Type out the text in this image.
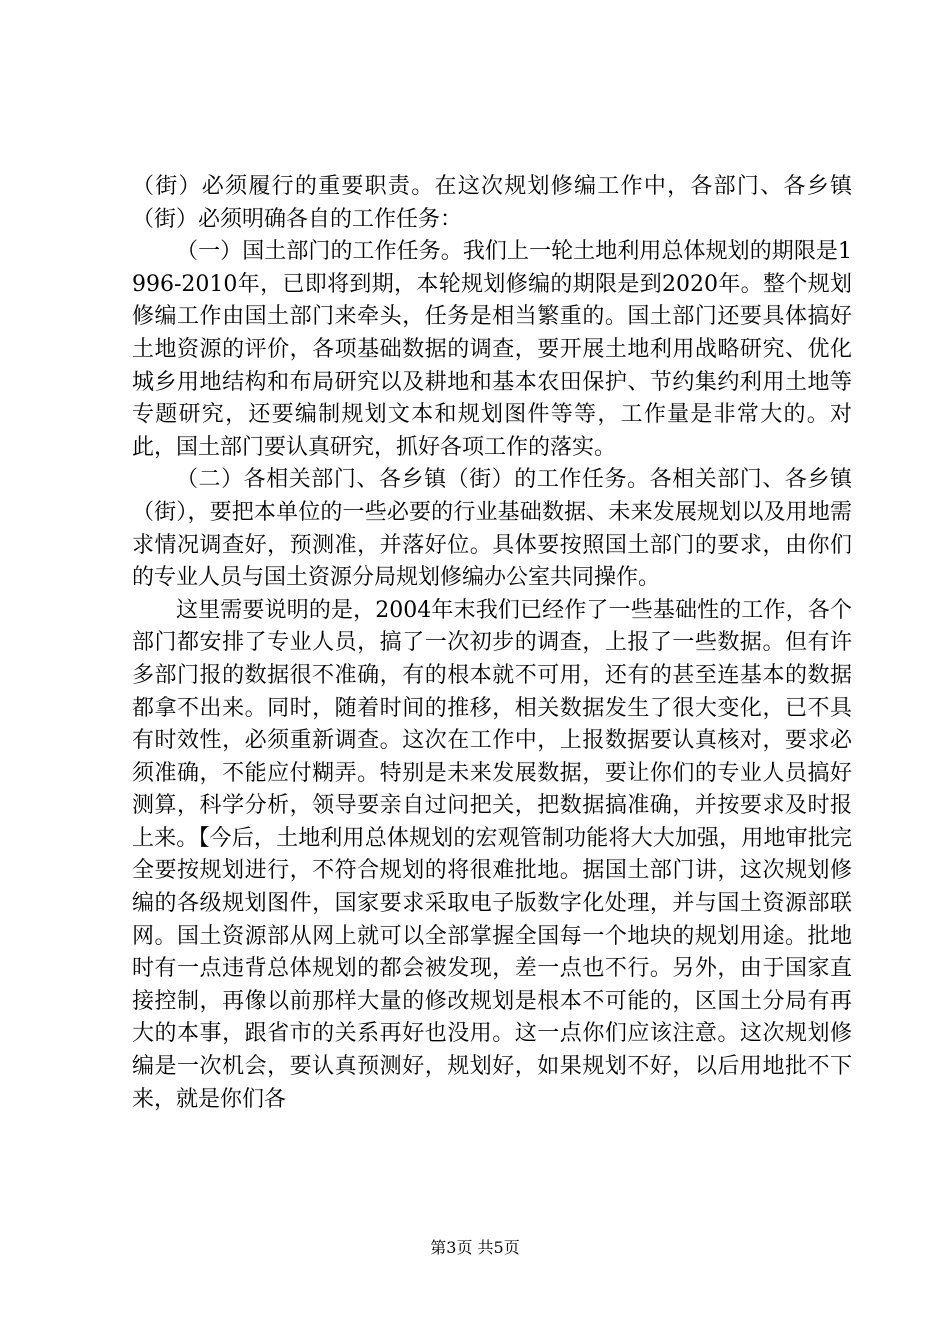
（街）必须履行的重要职责。在这次规划修编工作中，各部门、各乡镇（街）必须明确各自的工作任务：

（一）国土部门的工作任务。我们上一轮土地利用总体规划的期限是1996-2010年，已即将到期，本轮规划修编的期限是到2020年。整个规划修编工作由国土部门来牵头，任务是相当繁重的。国土部门还要具体搞好土地资源的评价，各项基础数据的调查，要开展土地利用战略研究、优化城乡用地结构和布局研究以及耕地和基本农田保护、节约集约利用土地等专题研究，还要编制规划文本和规划图件等等，工作量是非常大的。对此，国土部门要认真研究，抓好各项工作的落实。

（二）各相关部门、各乡镇（街）的工作任务。各相关部门、各乡镇（街），要把本单位的一些必要的行业基础数据、未来发展规划以及用地需求情况调查好，预测准，并落好位。具体要按照国土部门的要求，由你们的专业人员与国土资源分局规划修编办公室共同操作。

这里需要说明的是，2004年末我们已经作了一些基础性的工作，各个部门都安排了专业人员，搞了一次初步的调查，上报了一些数据。但有许多部门报的数据很不准确，有的根本就不可用，还有的甚至连基本的数据都拿不出来。同时，随着时间的推移，相关数据发生了很大变化，已不具有时效性，必须重新调查。这次在工作中，上报数据要认真核对，要求必须准确，不能应付糊弄。特别是未来发展数据，要让你们的专业人员搞好测算，科学分析，领导要亲自过问把关，把数据搞准确，并按要求及时报上来。【今后，土地利用总体规划的宏观管制功能将大大加强，用地审批完全要按规划进行，不符合规划的将很难批地。据国土部门讲，这次规划修编的各级规划图件，国家要求采取电子版数字化处理，并与国土资源部联网。国土资源部从网上就可以全部掌握全国每一个地块的规划用途。批地时有一点违背总体规划的都会被发现，差一点也不行。另外，由于国家直接控制，再像以前那样大量的修改规划是根本不可能的，区国土分局有再大的本事，跟省市的关系再好也没用。这一点你们应该注意。这次规划修编是一次机会，要认真预测好，规划好，如果规划不好，以后用地批不下来，就是你们各

第3页 共5页
